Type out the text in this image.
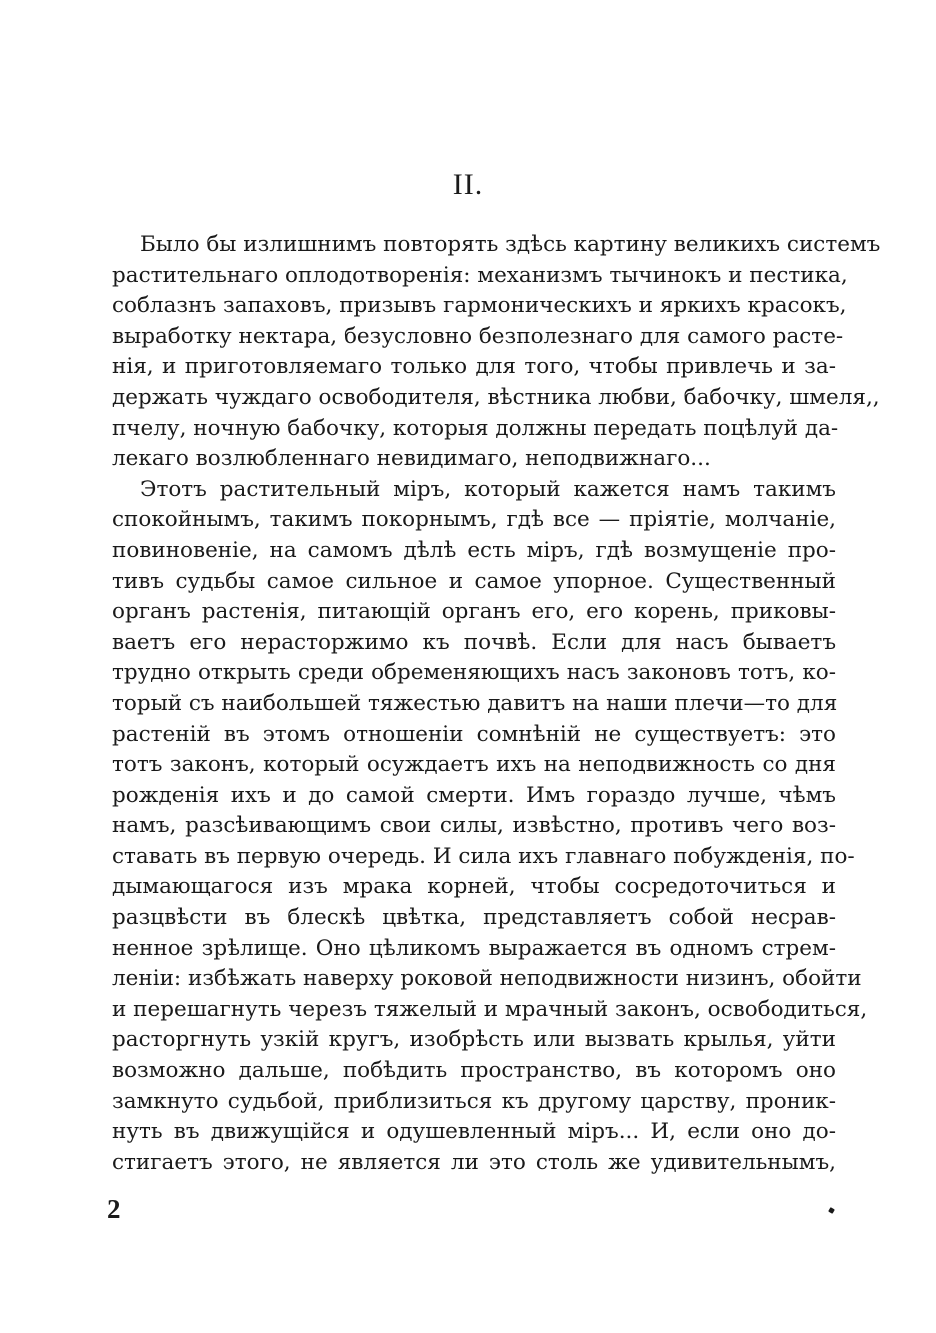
II.
Было бы излишнимъ повторять здѣсь картину великихъ системъ
растительнаго оплодотворенія: механизмъ тычинокъ и пестика,
соблазнъ запаховъ, призывъ гармоническихъ и яркихъ красокъ,
выработку нектара, безусловно безполезнаго для самого расте-
нія, и приготовляемаго только для того, чтобы привлечь и за-
держать чуждаго освободителя, вѣстника любви, бабочку, шмеля,,
пчелу, ночную бабочку, которыя должны передать поцѣлуй да-
лекаго возлюбленнаго невидимаго, неподвижнаго...
Этотъ растительный міръ, который кажется намъ такимъ
спокойнымъ, такимъ покорнымъ, гдѣ все — пріятіе, молчаніе,
повиновеніе, на самомъ дѣлѣ есть міръ, гдѣ возмущеніе про-
тивъ судьбы самое сильное и самое упорное. Существенный
органъ растенія, питающій органъ его, его корень, приковы-
ваетъ его нерасторжимо къ почвѣ. Если для насъ бываетъ
трудно открыть среди обременяющихъ насъ законовъ тотъ, ко-
торый съ наибольшей тяжестью давитъ на наши плечи—то для
растеній въ этомъ отношеніи сомнѣній не существуетъ: это
тотъ законъ, который осуждаетъ ихъ на неподвижность со дня
рожденія ихъ и до самой смерти. Имъ гораздо лучше, чѣмъ
намъ, разсѣивающимъ свои силы, извѣстно, противъ чего воз-
ставать въ первую очередь. И сила ихъ главнаго побужденія, по-
дымающагося изъ мрака корней, чтобы сосредоточиться и
разцвѣсти въ блескѣ цвѣтка, представляетъ собой несрав-
ненное зрѣлище. Оно цѣликомъ выражается въ одномъ стрем-
леніи: избѣжать наверху роковой неподвижности низинъ, обойти
и перешагнуть черезъ тяжелый и мрачный законъ, освободиться,
расторгнуть узкій кругъ, изобрѣсть или вызвать крылья, уйти
возможно дальше, побѣдить пространство, въ которомъ оно
замкнуто судьбой, приблизиться къ другому царству, проник-
нуть въ движущійся и одушевленный міръ... И, если оно до-
стигаетъ этого, не является ли это столь же удивительнымъ,
2
